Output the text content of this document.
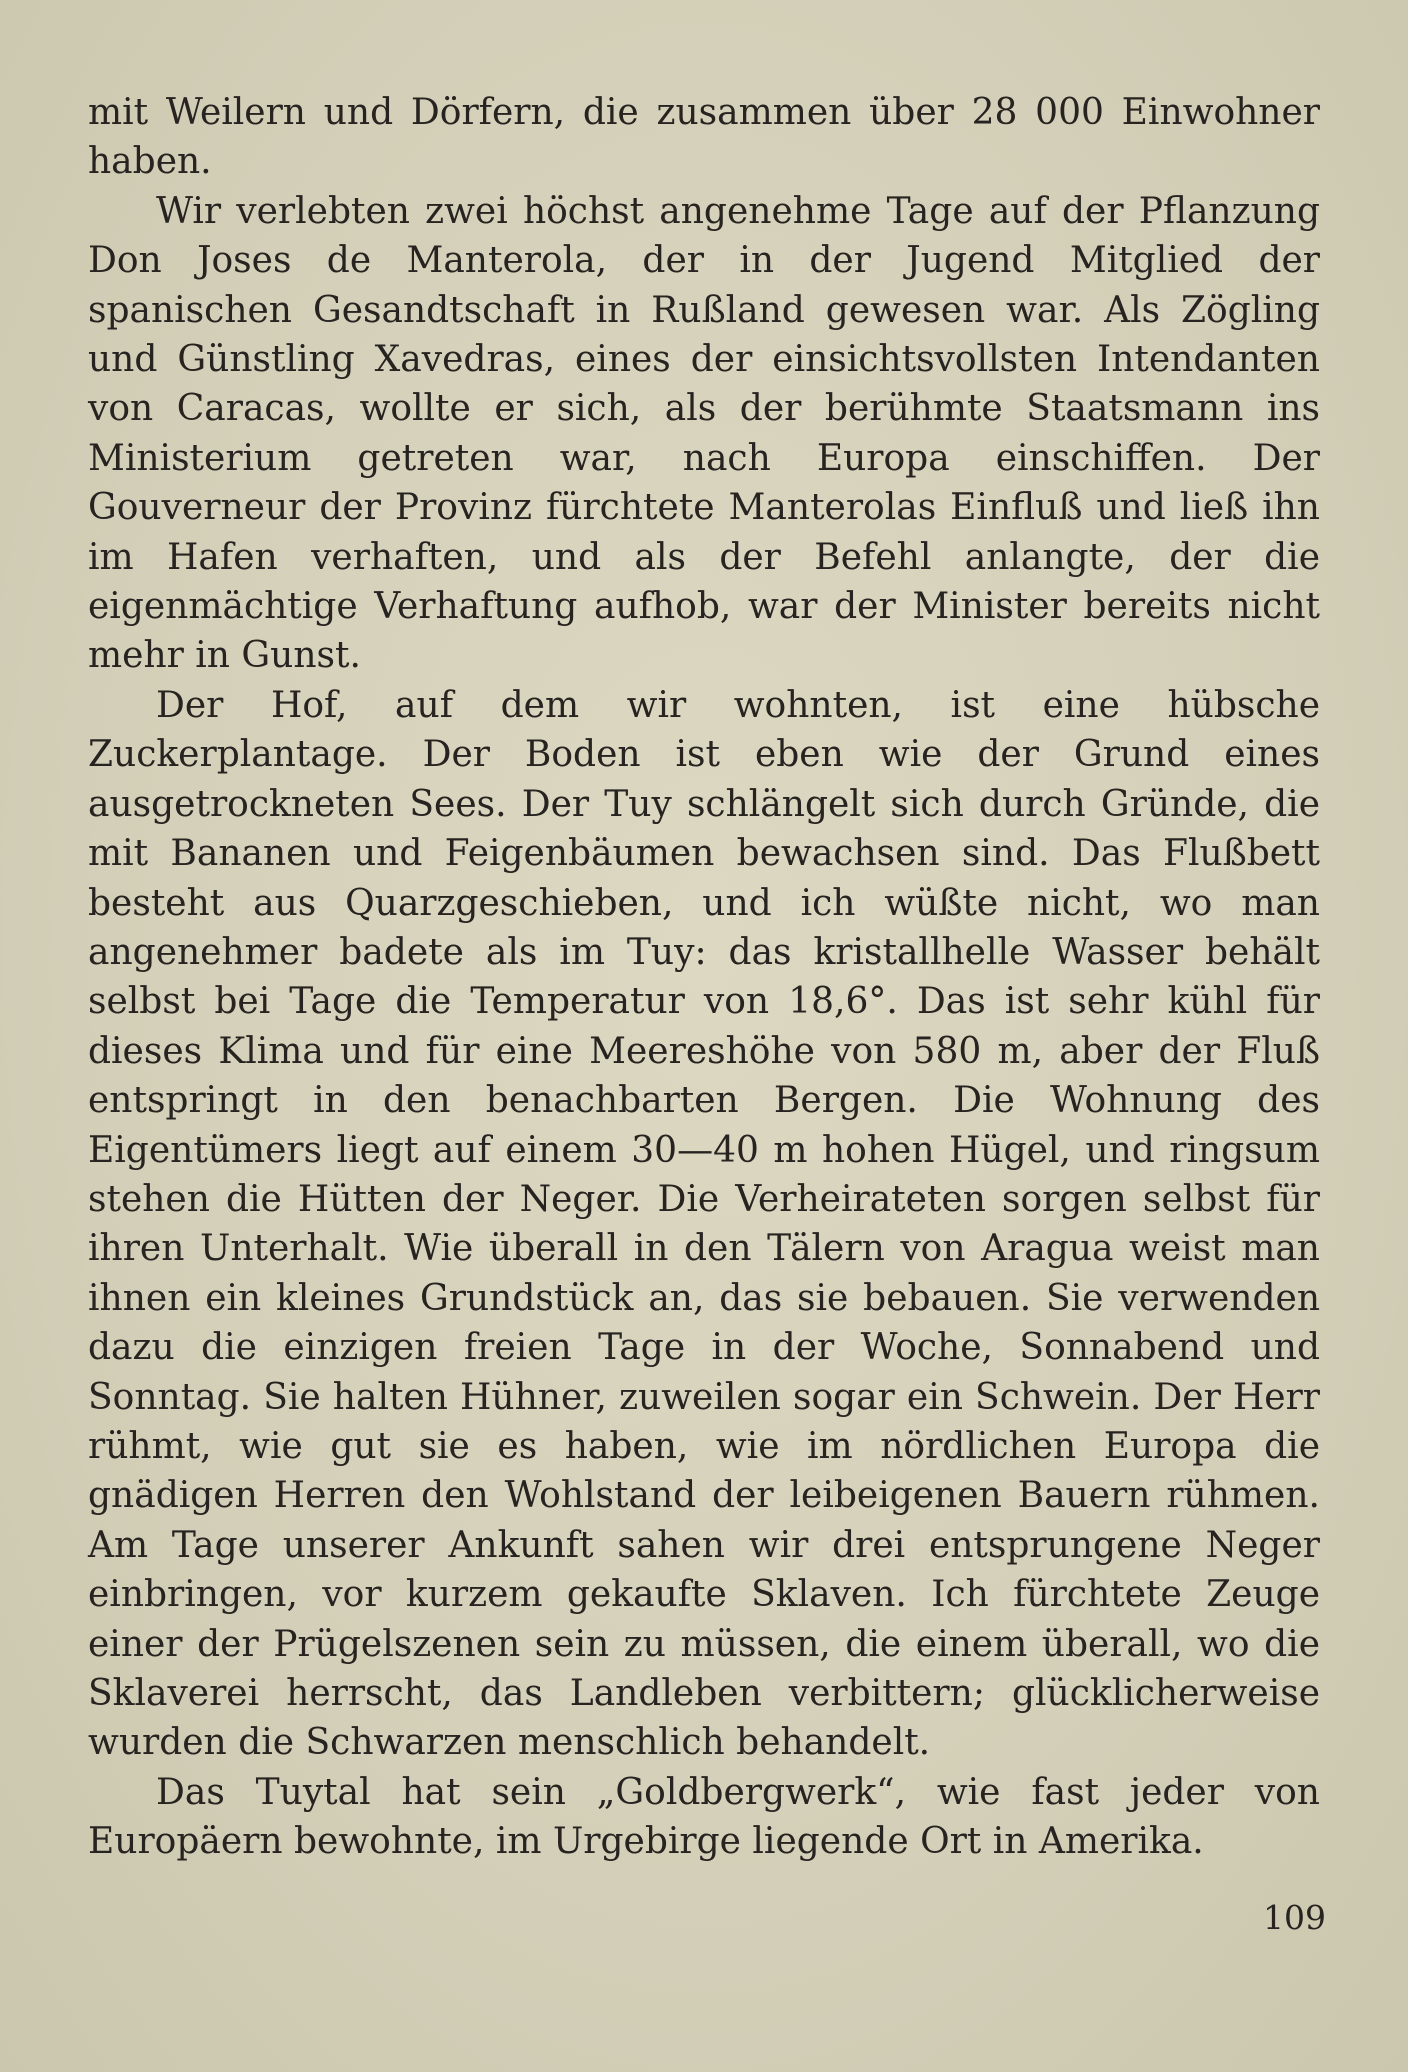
mit Weilern und Dörfern, die zusammen über 28 000 Einwohner haben.

Wir verlebten zwei höchst angenehme Tage auf der Pflanzung Don Joses de Manterola, der in der Jugend Mitglied der spanischen Gesandtschaft in Rußland gewesen war. Als Zögling und Günstling Xavedras, eines der einsichtsvollsten Intendanten von Caracas, wollte er sich, als der berühmte Staatsmann ins Ministerium getreten war, nach Europa einschiffen. Der Gouverneur der Provinz fürchtete Manterolas Einfluß und ließ ihn im Hafen verhaften, und als der Befehl anlangte, der die eigenmächtige Verhaftung aufhob, war der Minister bereits nicht mehr in Gunst.

Der Hof, auf dem wir wohnten, ist eine hübsche Zuckerplantage. Der Boden ist eben wie der Grund eines ausgetrockneten Sees. Der Tuy schlängelt sich durch Gründe, die mit Bananen und Feigenbäumen bewachsen sind. Das Flußbett besteht aus Quarzgeschieben, und ich wüßte nicht, wo man angenehmer badete als im Tuy: das kristallhelle Wasser behält selbst bei Tage die Temperatur von 18,6°. Das ist sehr kühl für dieses Klima und für eine Meereshöhe von 580 m, aber der Fluß entspringt in den benachbarten Bergen. Die Wohnung des Eigentümers liegt auf einem 30—40 m hohen Hügel, und ringsum stehen die Hütten der Neger. Die Verheirateten sorgen selbst für ihren Unterhalt. Wie überall in den Tälern von Aragua weist man ihnen ein kleines Grundstück an, das sie bebauen. Sie verwenden dazu die einzigen freien Tage in der Woche, Sonnabend und Sonntag. Sie halten Hühner, zuweilen sogar ein Schwein. Der Herr rühmt, wie gut sie es haben, wie im nördlichen Europa die gnädigen Herren den Wohlstand der leibeigenen Bauern rühmen. Am Tage unserer Ankunft sahen wir drei entsprungene Neger einbringen, vor kurzem gekaufte Sklaven. Ich fürchtete Zeuge einer der Prügelszenen sein zu müssen, die einem überall, wo die Sklaverei herrscht, das Landleben verbittern; glücklicherweise wurden die Schwarzen menschlich behandelt.

Das Tuytal hat sein „Goldbergwerk“, wie fast jeder von Europäern bewohnte, im Urgebirge liegende Ort in Amerika.

109
